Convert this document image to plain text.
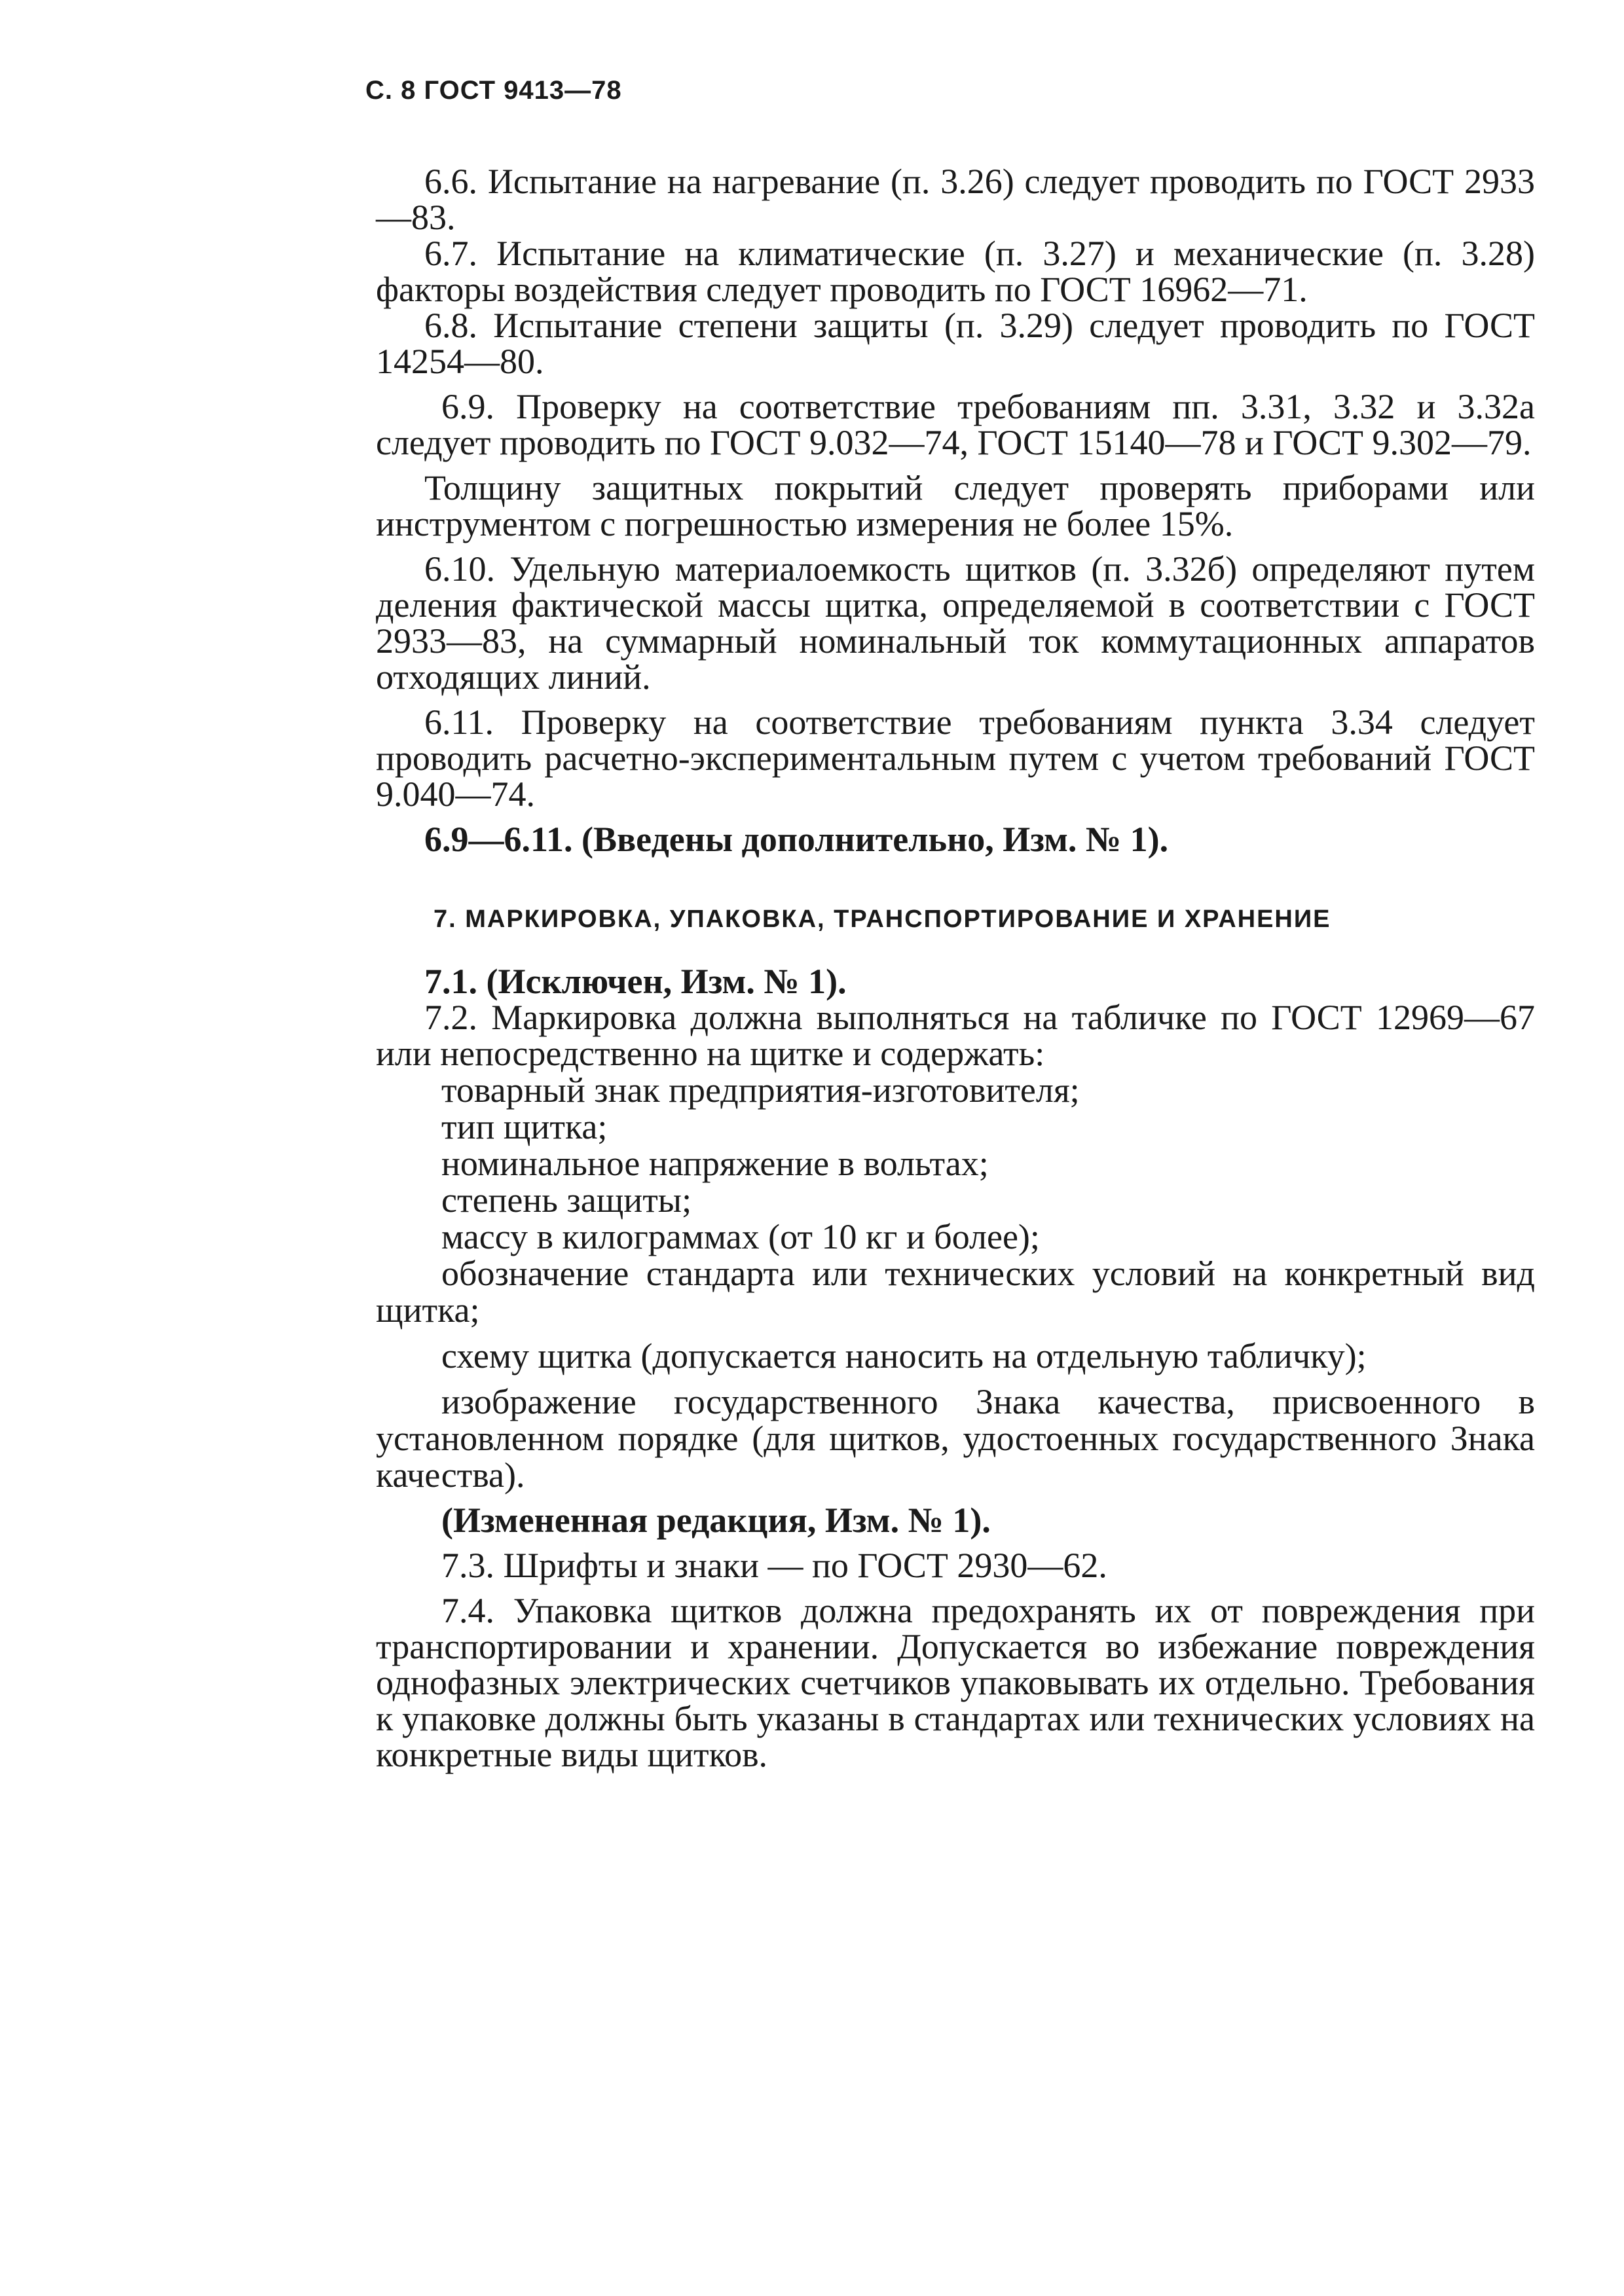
С. 8 ГОСТ 9413—78

6.6. Испытание на нагревание (п. 3.26) следует проводить по ГОСТ 2933—83.

6.7. Испытание на климатические (п. 3.27) и механические (п. 3.28) факторы воздействия следует проводить по ГОСТ 16962—71.

6.8. Испытание степени защиты (п. 3.29) следует проводить по ГОСТ 14254—80.

6.9. Проверку на соответствие требованиям пп. 3.31, 3.32 и 3.32а следует проводить по ГОСТ 9.032—74, ГОСТ 15140—78 и ГОСТ 9.302—79.

Толщину защитных покрытий следует проверять приборами или инструментом с погрешностью измерения не более 15%.

6.10. Удельную материалоемкость щитков (п. 3.32б) определяют путем деления фактической массы щитка, определяемой в соответствии с ГОСТ 2933—83, на суммарный номинальный ток коммутационных аппаратов отходящих линий.

6.11. Проверку на соответствие требованиям пункта 3.34 следует проводить расчетно-экспериментальным путем с учетом требований ГОСТ 9.040—74.

6.9—6.11. (Введены дополнительно, Изм. № 1).

7. МАРКИРОВКА, УПАКОВКА, ТРАНСПОРТИРОВАНИЕ И ХРАНЕНИЕ

7.1. (Исключен, Изм. № 1).

7.2. Маркировка должна выполняться на табличке по ГОСТ 12969—67 или непосредственно на щитке и содержать:

товарный знак предприятия-изготовителя;
тип щитка;
номинальное напряжение в вольтах;
степень защиты;
массу в килограммах (от 10 кг и более);
обозначение стандарта или технических условий на конкретный вид щитка;
схему щитка (допускается наносить на отдельную табличку);
изображение государственного Знака качества, присвоенного в установленном порядке (для щитков, удостоенных государственного Знака качества).

(Измененная редакция, Изм. № 1).

7.3. Шрифты и знаки — по ГОСТ 2930—62.

7.4. Упаковка щитков должна предохранять их от повреждения при транспортировании и хранении. Допускается во избежание повреждения однофазных электрических счетчиков упаковывать их отдельно. Требования к упаковке должны быть указаны в стандартах или технических условиях на конкретные виды щитков.
